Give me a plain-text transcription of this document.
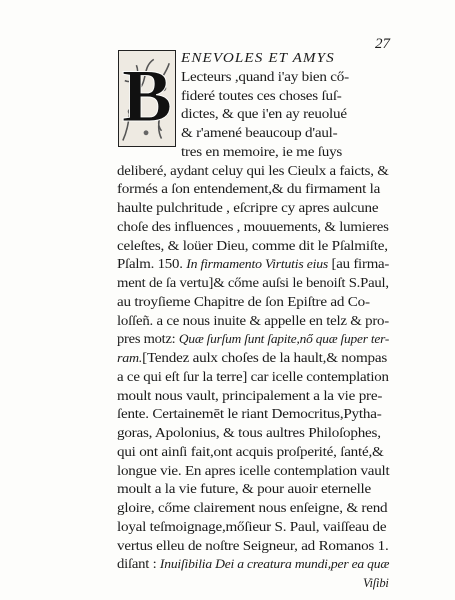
27
B ENEVOLES ET AMYS
Lecteurs ,quand i'ay bien cő-
fideré toutes ces choses ſuſ-
dictes, & que i'en ay reuolué
& r'amené beaucoup d'aul-
tres en memoire, ie me ſuys
deliberé, aydant celuy qui les Cieulx a faicts, &
formés a ſon entendement,& du firmament la
haulte pulchritude , eſcripre cy apres aulcune
choſe des influences , mouuements, & lumieres
celeſtes, & loüer Dieu, comme dit le Pſalmiſte,
Pſalm. 150. In firmamento Virtutis eius [au firma-
ment de ſa vertu]& cőme auſsi le benoiſt S.Paul,
au troyſieme Chapitre de ſon Epiſtre ad Co-
loſſeñ. a ce nous inuite & appelle en telz & pro-
pres motz: Quæ ſurſum ſunt ſapite,nő quæ ſuper ter-
ram.[Tendez aulx choſes de la hault,& nompas
a ce qui eſt ſur la terre] car icelle contemplation
moult nous vault, principalement a la vie pre-
ſente. Certainemēt le riant Democritus,Pytha-
goras, Apolonius, & tous aultres Philoſophes,
qui ont ainſi fait,ont acquis proſperité, ſanté,&
longue vie. En apres icelle contemplation vault
moult a la vie future, & pour auoir eternelle
gloire, cőme clairement nous enſeigne, & rend
loyal teſmoignage,mőſieur S. Paul, vaiſſeau de
vertus elleu de noſtre Seigneur, ad Romanos 1.
diſant : Inuiſibilia Dei a creatura mundi,per ea quæ
Viſibi
